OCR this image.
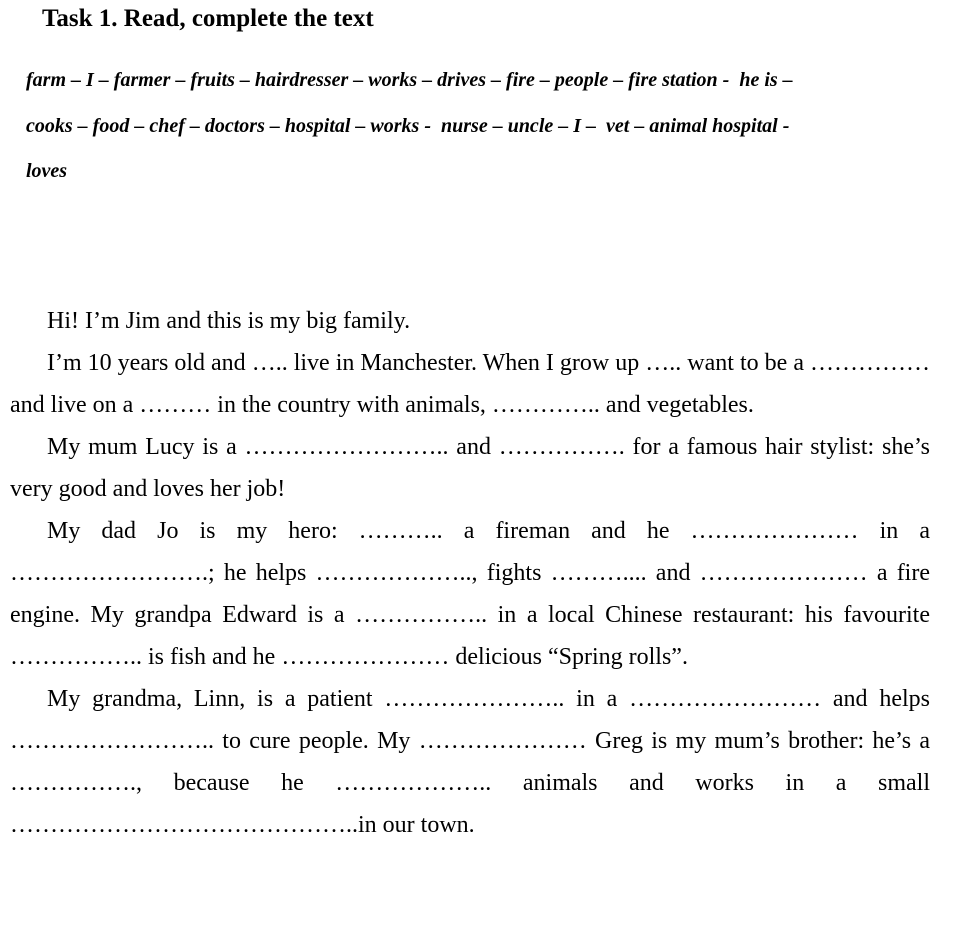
Task 1. Read, complete the text
farm – I – farmer – fruits – hairdresser – works – drives – fire – people – fire station -  he is –
cooks – food – chef – doctors – hospital – works -  nurse – uncle – I –  vet – animal hospital -
loves

Hi! I’m Jim and this is my big family.

I’m 10 years old and ….. live in Manchester. When I grow up ….. want to be a …………… and live on a ……… in the country with animals, ………….. and vegetables.

My mum Lucy is a …………………….. and ……………. for a famous hair stylist: she’s very good and loves her job!

My dad Jo is my hero: ……….. a fireman and he ………………… in a …………………….; he helps ……………….., fights ……….... and ………………… a fire engine. My grandpa Edward is a …………….. in a local Chinese restaurant: his favourite …………….. is fish and he ………………… delicious “Spring rolls”.

My grandma, Linn, is a patient ………………….. in a …………………… and helps …………………….. to cure people. My ………………… Greg is my mum’s brother: he’s a ……………., because he ……………….. animals and works in a small ……………………………………..in our town.
